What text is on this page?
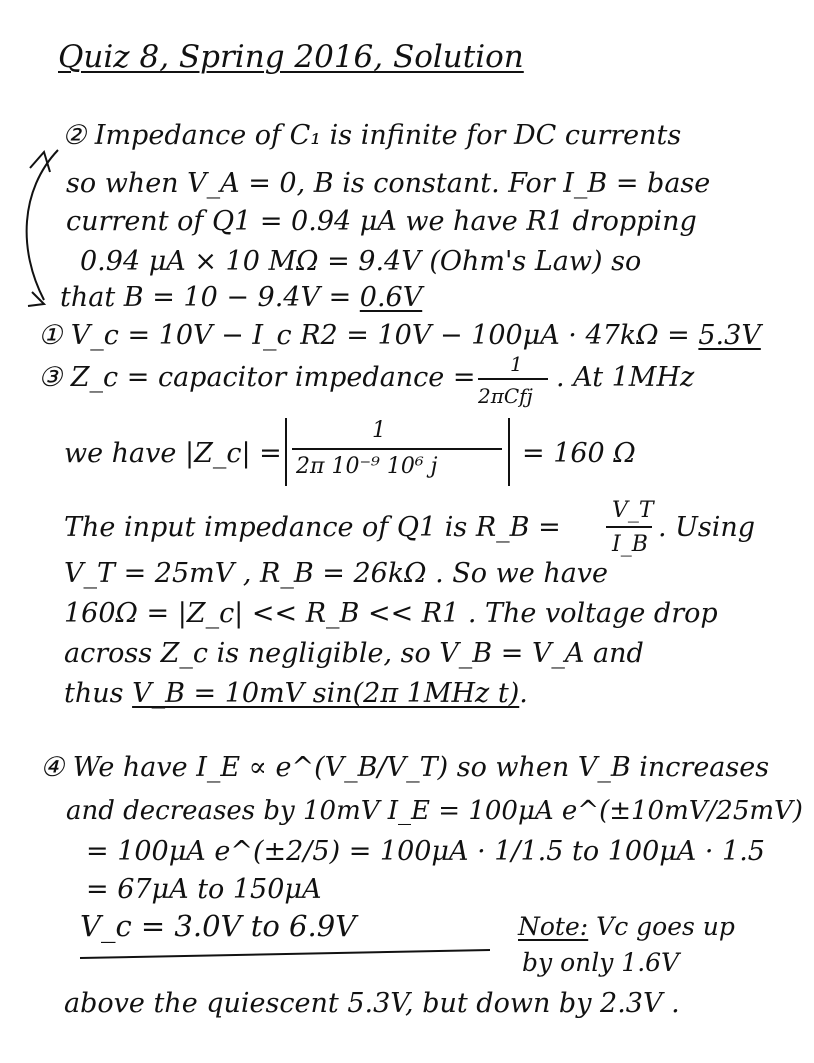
Quiz 8, Spring 2016, Solution
② Impedance of C₁ is infinite for DC currents
so when V_A = 0, B is constant. For I_B = base
current of Q1 = 0.94 μA we have R1 dropping
0.94 μA × 10 MΩ = 9.4V (Ohm's Law) so
that B = 10 − 9.4V = 0.6V
① V_c = 10V − I_c R2 = 10V − 100μA · 47kΩ = 5.3V
③ Z_c = capacitor impedance = 1
2πCfj
. At 1MHz
we have |Z_c| =
1
2π 10⁻⁹ 10⁶ j	= 160 Ω
The input impedance of Q1 is R_B =
V_T
I_B
. Using
V_T = 25mV , R_B = 26kΩ . So we have
160Ω = |Z_c| << R_B << R1 . The voltage drop
across Z_c is negligible, so V_B = V_A and
thus V_B = 10mV sin(2π 1MHz t).
④ We have I_E ∝ e^(V_B/V_T) so when V_B increases
and decreases by 10mV I_E = 100μA e^(±10mV/25mV)
= 100μA e^(±2/5) = 100μA · 1/1.5 to 100μA · 1.5
= 67μA to 150μA
V_c = 3.0V to 6.9V	Note: Vc goes up
by only 1.6V
above the quiescent 5.3V, but down by 2.3V .
